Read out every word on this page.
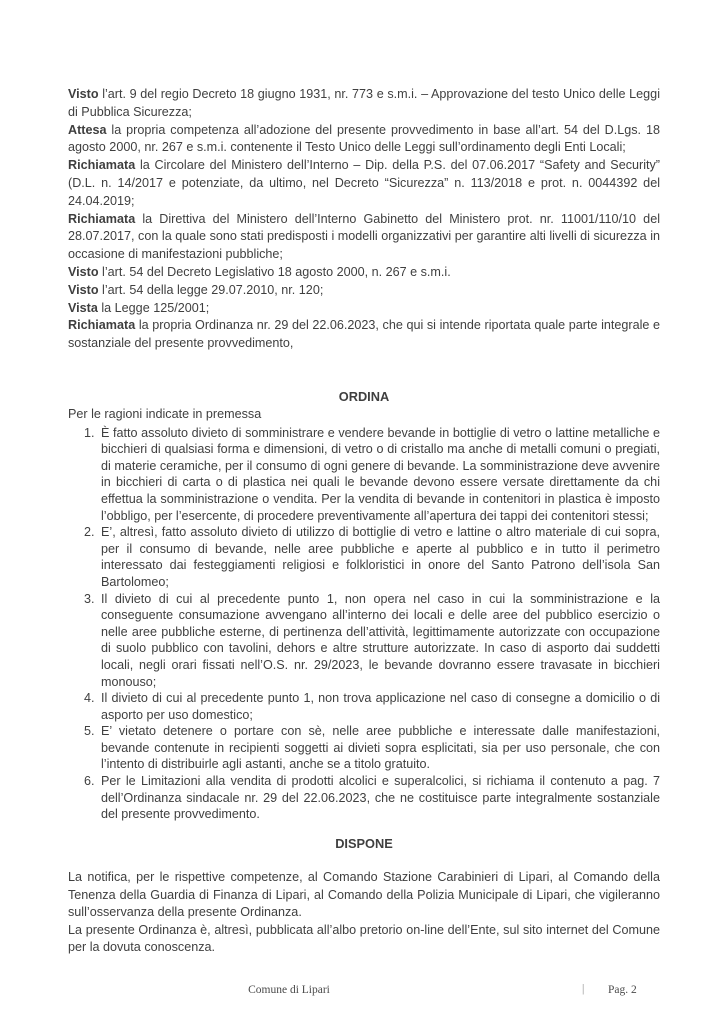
Visto l’art. 9 del regio Decreto 18 giugno 1931, nr. 773 e s.m.i. – Approvazione del testo Unico delle Leggi di Pubblica Sicurezza;

Attesa la propria competenza all’adozione del presente provvedimento in base all’art. 54 del D.Lgs. 18 agosto 2000, nr. 267 e s.m.i. contenente il Testo Unico delle Leggi sull’ordinamento degli Enti Locali;

Richiamata la Circolare del Ministero dell’Interno – Dip. della P.S. del 07.06.2017 “Safety and Security” (D.L. n. 14/2017 e potenziate, da ultimo, nel Decreto “Sicurezza” n. 113/2018 e prot. n. 0044392 del 24.04.2019;

Richiamata la Direttiva del Ministero dell’Interno Gabinetto del Ministero prot. nr. 11001/110/10 del 28.07.2017, con la quale sono stati predisposti i modelli organizzativi per garantire alti livelli di sicurezza in occasione di manifestazioni pubbliche;

Visto l’art. 54 del Decreto Legislativo 18 agosto 2000, n. 267 e s.m.i.

Visto l’art. 54 della legge 29.07.2010, nr. 120;

Vista la Legge 125/2001;

Richiamata la propria Ordinanza nr. 29 del 22.06.2023, che qui si intende riportata quale parte integrale e sostanziale del presente provvedimento,

ORDINA

Per le ragioni indicate in premessa

1. È fatto assoluto divieto di somministrare e vendere bevande in bottiglie di vetro o lattine metalliche e bicchieri di qualsiasi forma e dimensioni, di vetro o di cristallo ma anche di metalli comuni o pregiati, di materie ceramiche, per il consumo di ogni genere di bevande. La somministrazione deve avvenire in bicchieri di carta o di plastica nei quali le bevande devono essere versate direttamente da chi effettua la somministrazione o vendita. Per la vendita di bevande in contenitori in plastica è imposto l’obbligo, per l’esercente, di procedere preventivamente all’apertura dei tappi dei contenitori stessi;
2. E’, altresì, fatto assoluto divieto di utilizzo di bottiglie di vetro e lattine o altro materiale di cui sopra, per il consumo di bevande, nelle aree pubbliche e aperte al pubblico e in tutto il perimetro interessato dai festeggiamenti religiosi e folkloristici in onore del Santo Patrono dell’isola San Bartolomeo;
3. Il divieto di cui al precedente punto 1, non opera nel caso in cui la somministrazione e la conseguente consumazione avvengano all’interno dei locali e delle aree del pubblico esercizio o nelle aree pubbliche esterne, di pertinenza dell’attività, legittimamente autorizzate con occupazione di suolo pubblico con tavolini, dehors e altre strutture autorizzate. In caso di asporto dai suddetti locali, negli orari fissati nell’O.S. nr. 29/2023, le bevande dovranno essere travasate in bicchieri monouso;
4. Il divieto di cui al precedente punto 1, non trova applicazione nel caso di consegne a domicilio o di asporto per uso domestico;
5. E’ vietato detenere o portare con sè, nelle aree pubbliche e interessate dalle manifestazioni, bevande contenute in recipienti soggetti ai divieti sopra esplicitati, sia per uso personale, che con l’intento di distribuirle agli astanti, anche se a titolo gratuito.
6. Per le Limitazioni alla vendita di prodotti alcolici e superalcolici, si richiama il contenuto a pag. 7 dell’Ordinanza sindacale nr. 29 del 22.06.2023, che ne costituisce parte integralmente sostanziale del presente provvedimento.
DISPONE

La notifica, per le rispettive competenze, al Comando Stazione Carabinieri di Lipari, al Comando della Tenenza della Guardia di Finanza di Lipari, al Comando della Polizia Municipale di Lipari, che vigileranno sull’osservanza della presente Ordinanza.

La presente Ordinanza è, altresì, pubblicata all’albo pretorio on-line dell’Ente, sul sito internet del Comune per la dovuta conoscenza.

Comune di Lipari	| Pag. 2
